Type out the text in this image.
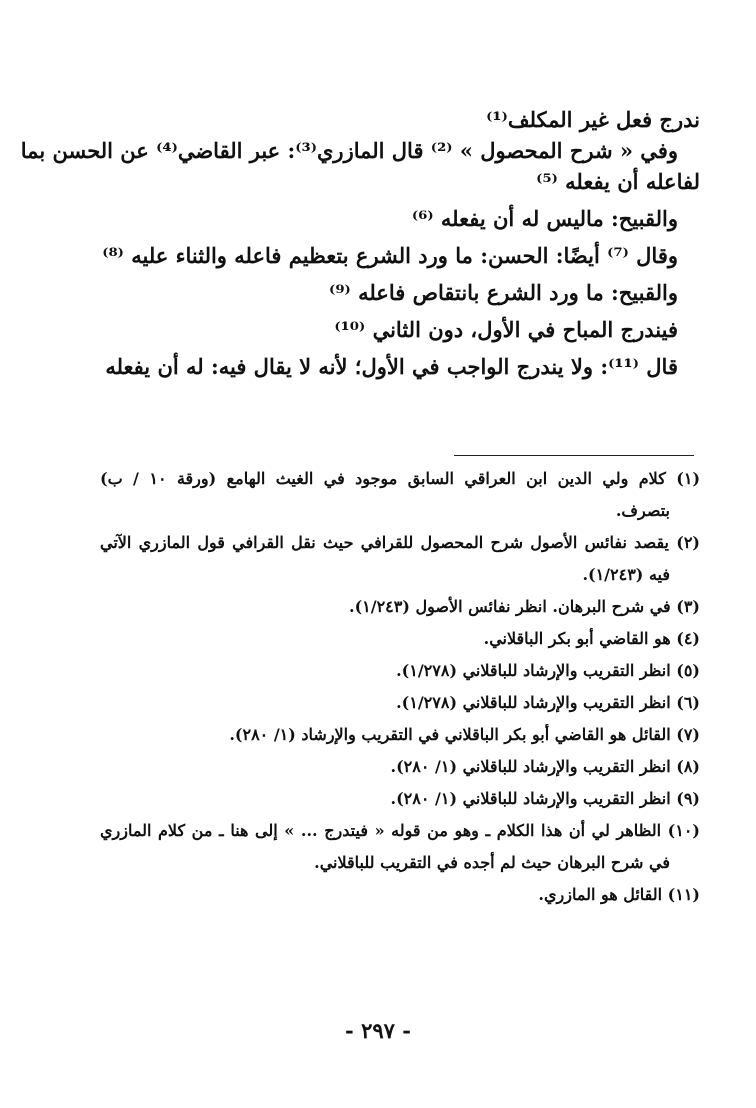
ندرج فعل غير المكلف⁽¹⁾
وفي « شرح المحصول » ⁽²⁾ قال المازري⁽³⁾: عبر القاضي⁽⁴⁾ عن الحسن بما
لفاعله أن يفعله ⁽⁵⁾
والقبيح: ماليس له أن يفعله ⁽⁶⁾
وقال ⁽⁷⁾ أيضًا: الحسن: ما ورد الشرع بتعظيم فاعله والثناء عليه ⁽⁸⁾
والقبيح: ما ورد الشرع بانتقاص فاعله ⁽⁹⁾
فيندرج المباح في الأول، دون الثاني ⁽¹⁰⁾
قال ⁽¹¹⁾: ولا يندرج الواجب في الأول؛ لأنه لا يقال فيه: له أن يفعله
(١) كلام ولي الدين ابن العراقي السابق موجود في الغيث الهامع (ورقة ١٠ / ب)
بتصرف.
(٢) يقصد نفائس الأصول شرح المحصول للقرافي حيث نقل القرافي قول المازري الآتي
فيه (١/٢٤٣).
(٣) في شرح البرهان. انظر نفائس الأصول (١/٢٤٣).
(٤) هو القاضي أبو بكر الباقلاني.
(٥) انظر التقريب والإرشاد للباقلاني (١/٢٧٨).
(٦) انظر التقريب والإرشاد للباقلاني (١/٢٧٨).
(٧) القائل هو القاضي أبو بكر الباقلاني في التقريب والإرشاد (١/ ٢٨٠).
(٨) انظر التقريب والإرشاد للباقلاني (١/ ٢٨٠).
(٩) انظر التقريب والإرشاد للباقلاني (١/ ٢٨٠).
(١٠) الظاهر لي أن هذا الكلام ـ وهو من قوله « فيتدرج ... » إلى هنا ـ من كلام المازري
في شرح البرهان حيث لم أجده في التقريب للباقلاني.
(١١) القائل هو المازري.
- ٢٩٧ -
